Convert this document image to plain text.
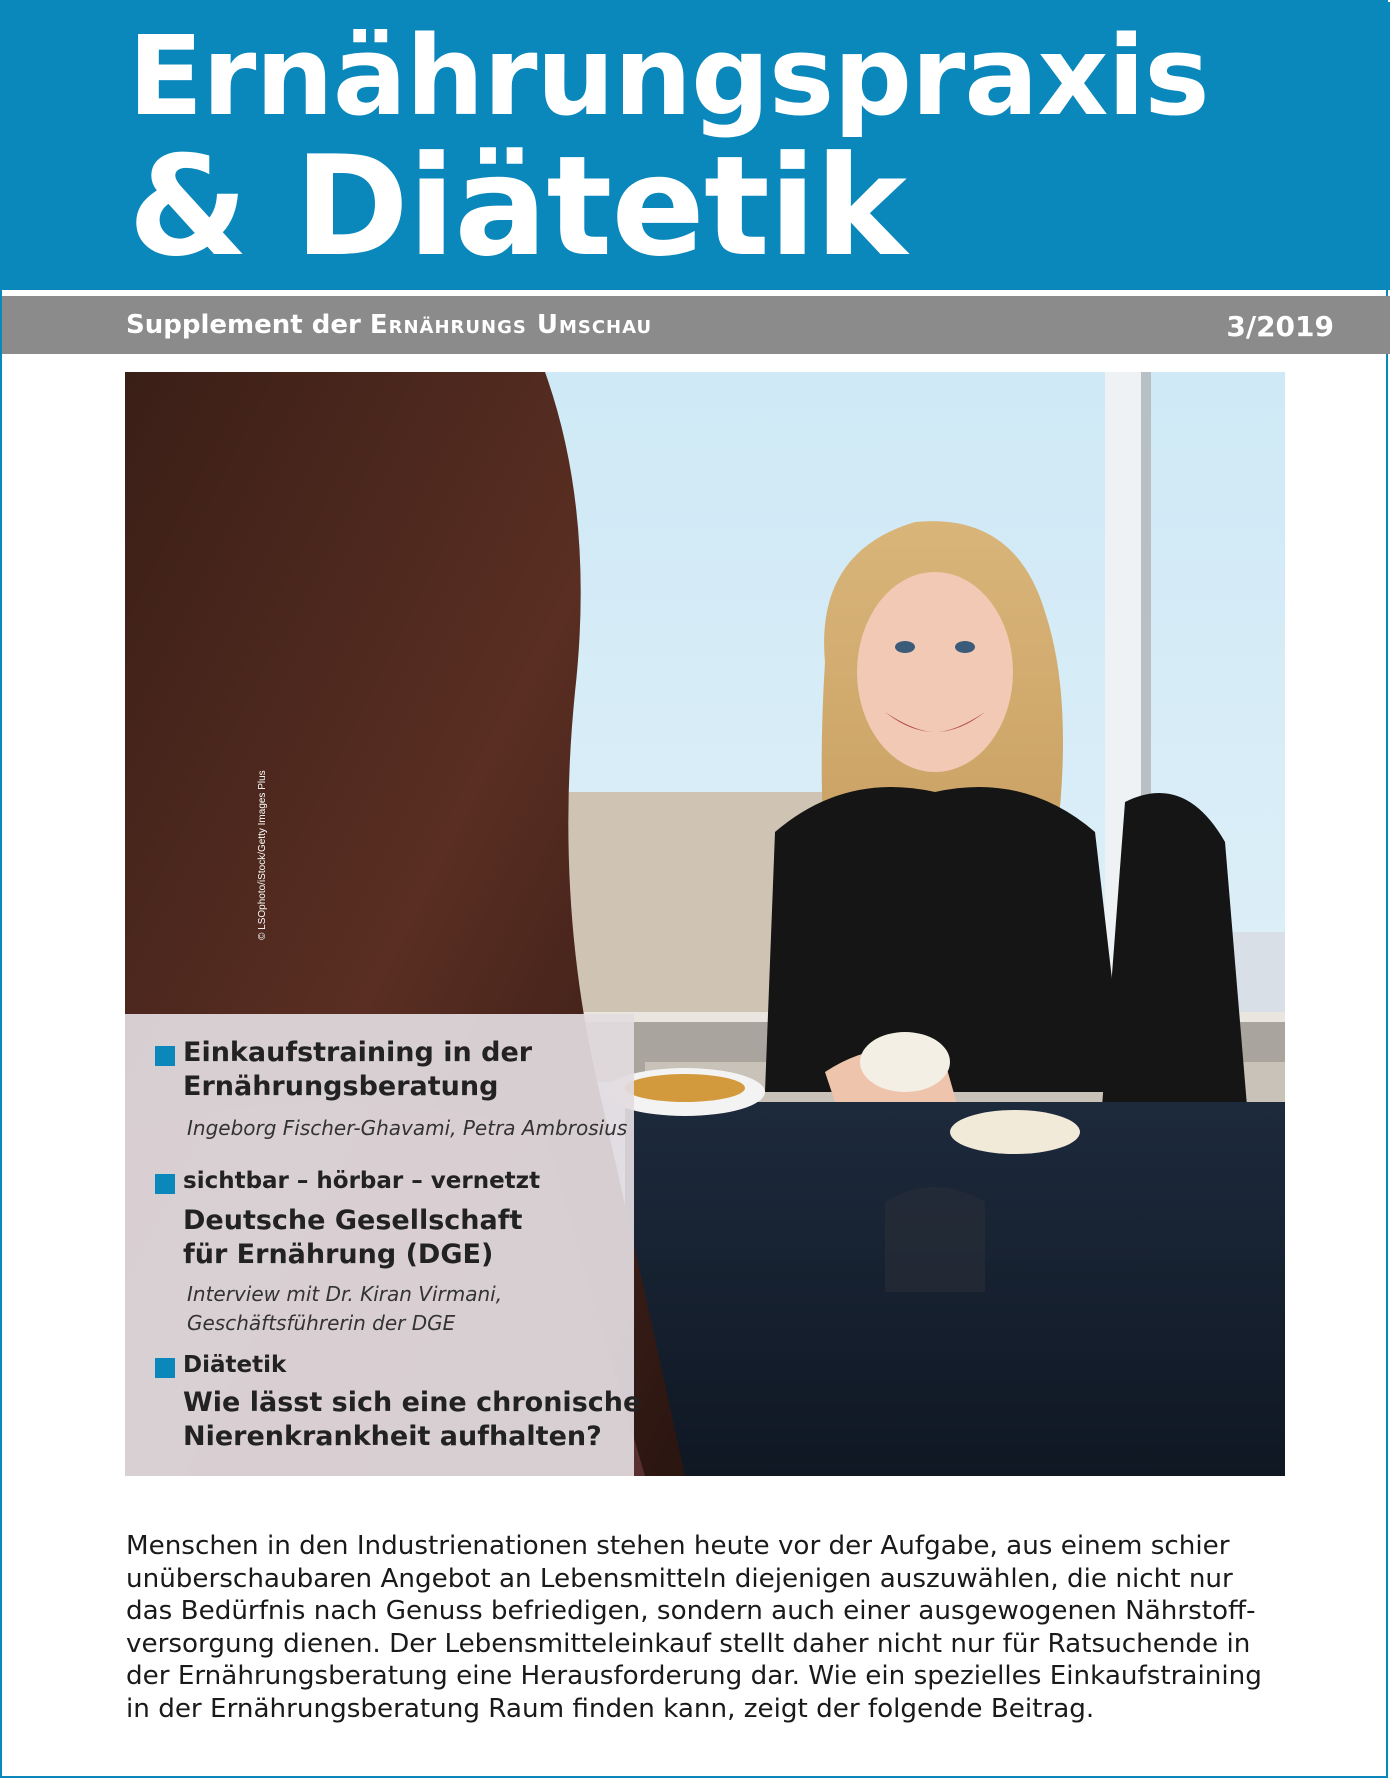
Ernährungspraxis
& Diätetik
Supplement der Ernährungs Umschau	3/2019
© LSOphoto/iStock/Getty Images Plus
Einkaufstraining in der
Ernährungsberatung
Ingeborg Fischer-Ghavami, Petra Ambrosius
sichtbar – hörbar – vernetzt
Deutsche Gesellschaft
für Ernährung (DGE)
Interview mit Dr. Kiran Virmani,
Geschäftsführerin der DGE
Diätetik
Wie lässt sich eine chronische
Nierenkrankheit aufhalten?
Menschen in den Industrienationen stehen heute vor der Aufgabe, aus einem schier
unüberschaubaren Angebot an Lebensmitteln diejenigen auszuwählen, die nicht nur
das Bedürfnis nach Genuss befriedigen, sondern auch einer ausgewogenen Nährstoff-
versorgung dienen. Der Lebensmitteleinkauf stellt daher nicht nur für Ratsuchende in
der Ernährungsberatung eine Herausforderung dar. Wie ein spezielles Einkaufstraining
in der Ernährungsberatung Raum finden kann, zeigt der folgende Beitrag.
